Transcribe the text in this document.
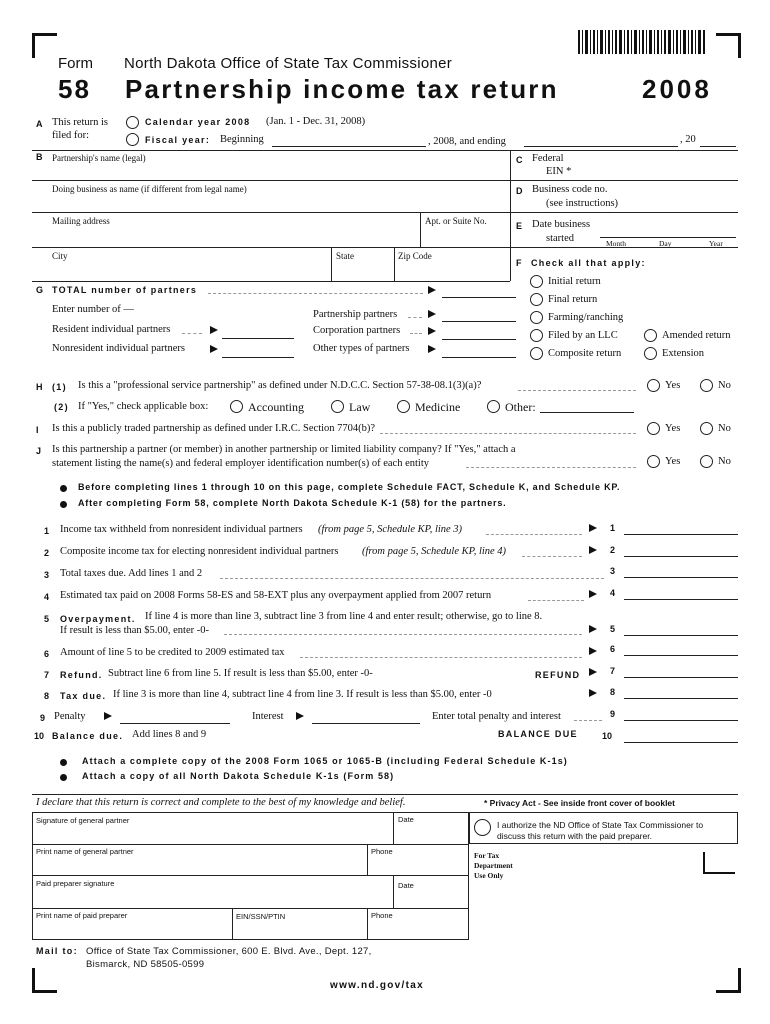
Form North Dakota Office of State Tax Commissioner
58 Partnership income tax return	2008
A This return is
filed for:
Calendar year 2008 (Jan. 1 - Dec. 31, 2008)
Fiscal year: Beginning	, 2008, and ending	, 20
B Partnership's name (legal)
Doing business as name (if different from legal name)
Mailing address	Apt. or Suite No.
City	State	Zip Code
C Federal
EIN *
D Business code no.
(see instructions)
E Date business
started	Month	Day	Year
F Check all that apply:
Initial return
Final return
Farming/ranching
Filed by an LLC	Amended return
Composite return	Extension
G TOTAL number of partners
Enter number of —
Resident individual partners
Nonresident individual partners
Partnership partners
Corporation partners
Other types of partners
H (1) Is this a "professional service partnership" as defined under N.D.C.C. Section 57-38-08.1(3)(a)?	Yes	No
(2) If "Yes," check applicable box:	Accounting	Law	Medicine	Other:
I Is this a publicly traded partnership as defined under I.R.C. Section 7704(b)?	Yes	No
J Is this partnership a partner (or member) in another partnership or limited liability company? If "Yes," attach a
statement listing the name(s) and federal employer identification number(s) of each entity	Yes	No
Before completing lines 1 through 10 on this page, complete Schedule FACT, Schedule K, and Schedule KP.
After completing Form 58, complete North Dakota Schedule K-1 (58) for the partners.
1 Income tax withheld from nonresident individual partners (from page 5, Schedule KP, line 3)	1
2 Composite income tax for electing nonresident individual partners (from page 5, Schedule KP, line 4)	2
3 Total taxes due. Add lines 1 and 2	3
4 Estimated tax paid on 2008 Forms 58-ES and 58-EXT plus any overpayment applied from 2007 return	4
5 Overpayment. If line 4 is more than line 3, subtract line 3 from line 4 and enter result; otherwise, go to line 8.
If result is less than $5.00, enter -0-	5
6 Amount of line 5 to be credited to 2009 estimated tax	6
7 Refund. Subtract line 6 from line 5. If result is less than $5.00, enter -0-	REFUND	7
8 Tax due. If line 3 is more than line 4, subtract line 4 from line 3. If result is less than $5.00, enter -0	8
9 Penalty	Interest	Enter total penalty and interest	9
10 Balance due. Add lines 8 and 9	BALANCE DUE	10
Attach a complete copy of the 2008 Form 1065 or 1065-B (including Federal Schedule K-1s)
Attach a copy of all North Dakota Schedule K-1s (Form 58)
I declare that this return is correct and complete to the best of my knowledge and belief.	* Privacy Act - See inside front cover of booklet
Signature of general partner	Date
Print name of general partner	Phone
Paid preparer signature	Date
Print name of paid preparer	EIN/SSN/PTIN	Phone
I authorize the ND Office of State Tax Commissioner to
discuss this return with the paid preparer.
For Tax
Department
Use Only
Mail to: Office of State Tax Commissioner, 600 E. Blvd. Ave., Dept. 127,
Bismarck, ND 58505-0599
www.nd.gov/tax
